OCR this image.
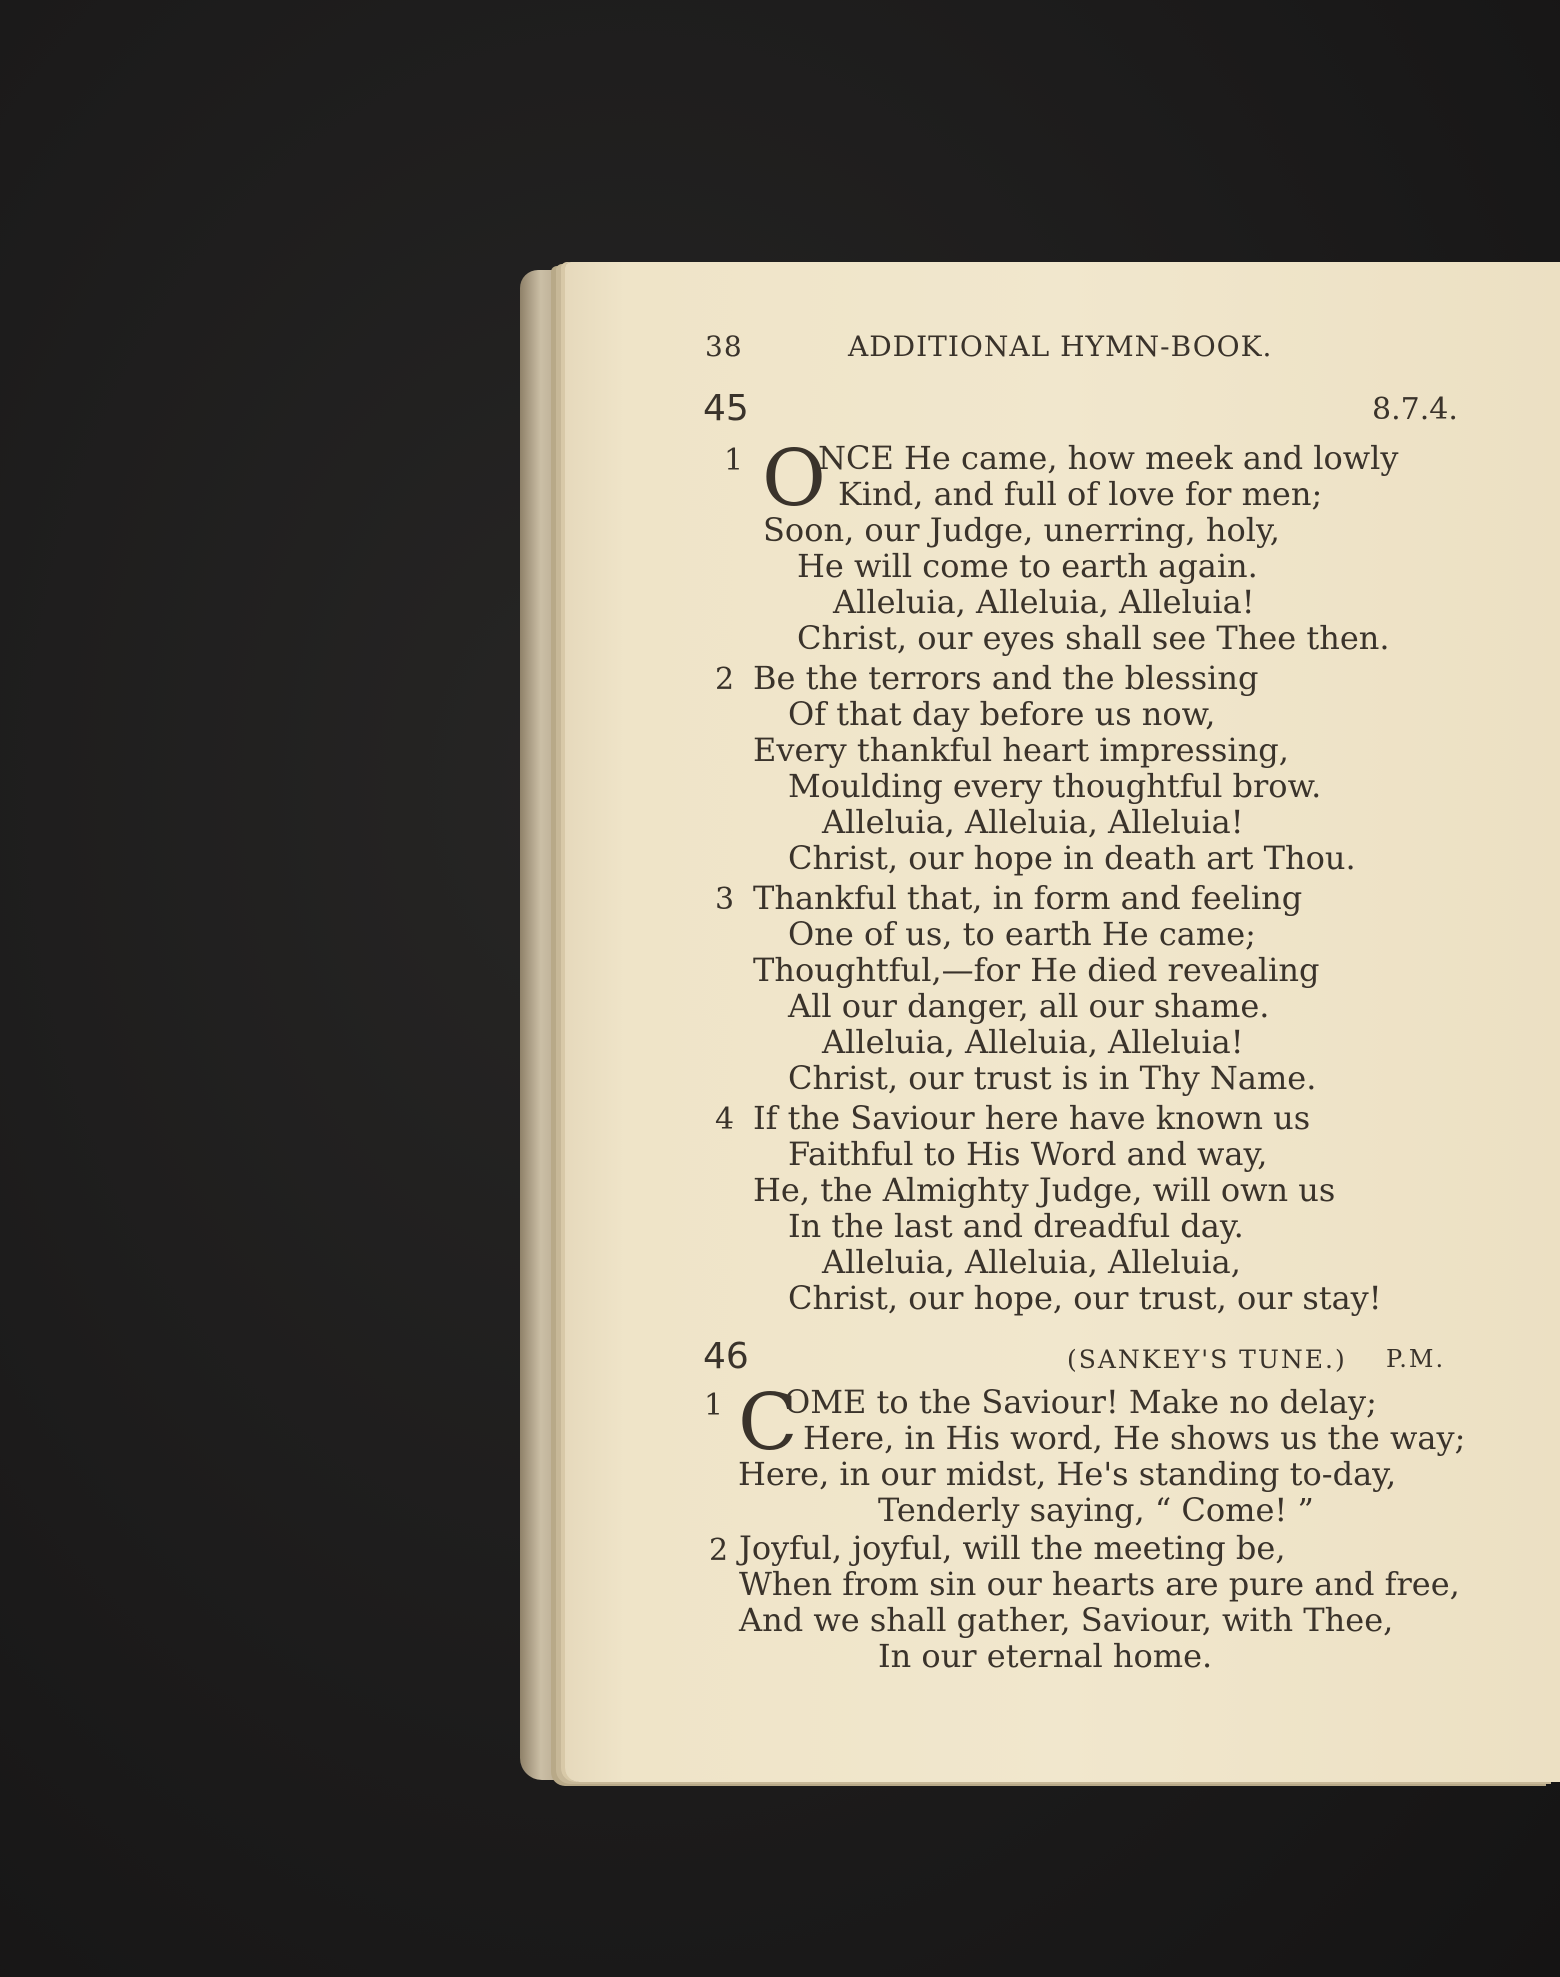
38	ADDITIONAL HYMN-BOOK.
45	8.7.4.
1 O
NCE He came, how meek and lowly
Kind, and full of love for men;
Soon, our Judge, unerring, holy,
He will come to earth again.
Alleluia, Alleluia, Alleluia!
Christ, our eyes shall see Thee then.
2 Be the terrors and the blessing
Of that day before us now,
Every thankful heart impressing,
Moulding every thoughtful brow.
Alleluia, Alleluia, Alleluia!
Christ, our hope in death art Thou.
3 Thankful that, in form and feeling
One of us, to earth He came;
Thoughtful,—for He died revealing
All our danger, all our shame.
Alleluia, Alleluia, Alleluia!
Christ, our trust is in Thy Name.
4 If the Saviour here have known us
Faithful to His Word and way,
He, the Almighty Judge, will own us
In the last and dreadful day.
Alleluia, Alleluia, Alleluia,
Christ, our hope, our trust, our stay!
46	(SANKEY'S TUNE.) P.M.
1 C
OME to the Saviour! Make no delay;
Here, in His word, He shows us the way;
Here, in our midst, He's standing to-day,
Tenderly saying, “ Come! ”
2 Joyful, joyful, will the meeting be,
When from sin our hearts are pure and free,
And we shall gather, Saviour, with Thee,
In our eternal home.
